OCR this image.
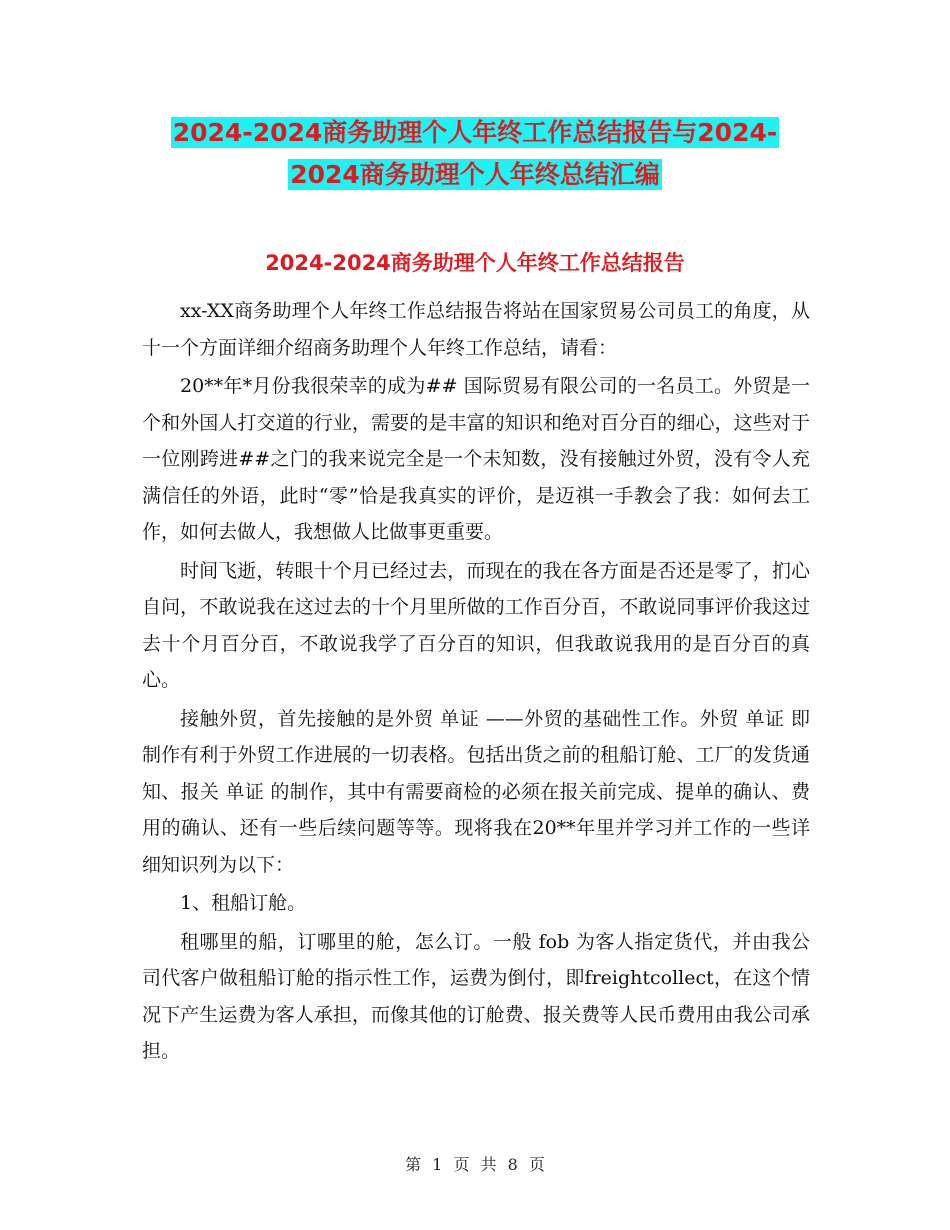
2024-2024商务助理个人年终工作总结报告与2024-
2024商务助理个人年终总结汇编
2024-2024商务助理个人年终工作总结报告

xx-XX商务助理个人年终工作总结报告将站在国家贸易公司员工的角度，从十一个方面详细介绍商务助理个人年终工作总结，请看：

20**年*月份我很荣幸的成为## 国际贸易有限公司的一名员工。外贸是一个和外国人打交道的行业，需要的是丰富的知识和绝对百分百的细心，这些对于一位刚跨进##之门的我来说完全是一个未知数，没有接触过外贸，没有令人充满信任的外语，此时“零”恰是我真实的评价，是迈祺一手教会了我：如何去工作，如何去做人，我想做人比做事更重要。

时间飞逝，转眼十个月已经过去，而现在的我在各方面是否还是零了，扪心自问，不敢说我在这过去的十个月里所做的工作百分百，不敢说同事评价我这过去十个月百分百，不敢说我学了百分百的知识，但我敢说我用的是百分百的真心。

接触外贸，首先接触的是外贸 单证 ——外贸的基础性工作。外贸 单证 即制作有利于外贸工作进展的一切表格。包括出货之前的租船订舱、工厂的发货通知、报关 单证 的制作，其中有需要商检的必须在报关前完成、提单的确认、费用的确认、还有一些后续问题等等。现将我在20**年里并学习并工作的一些详细知识列为以下：

1、租船订舱。

租哪里的船，订哪里的舱，怎么订。一般 fob 为客人指定货代，并由我公司代客户做租船订舱的指示性工作，运费为倒付，即freightcollect，在这个情况下产生运费为客人承担，而像其他的订舱费、报关费等人民币费用由我公司承担。

第 1 页 共 8 页
